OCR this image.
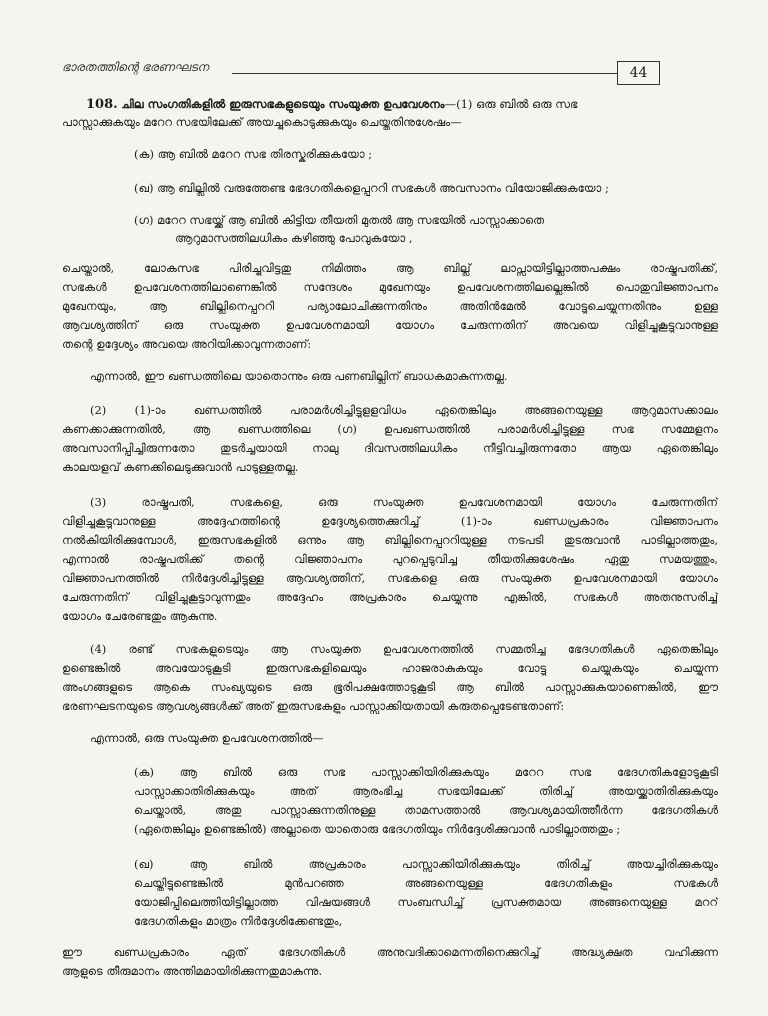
ഭാരതത്തിന്റെ ഭരണഘടന	44
108. ചില സംഗതികളിൽ ഇരുസഭകളുടെയും സംയുക്ത ഉപവേശനം—(1) ഒരു ബിൽ ഒരു സഭ
പാസ്സാക്കുകയും മറേറ സഭയിലേക്ക് അയച്ചുകൊടുക്കുകയും ചെയ്തതിനുശേഷം—
(ക) ആ ബിൽ മറേറ സഭ തിരസ്കരിക്കുകയോ ;
(ഖ) ആ ബില്ലിൽ വരുത്തേണ്ട ഭേദഗതികളെപ്പററി സഭകൾ അവസാനം വിയോജിക്കുകയോ ;
(ഗ) മറേറ സഭയ്ക്ക് ആ ബിൽ കിട്ടിയ തീയതി മുതൽ ആ സഭയിൽ പാസ്സാക്കാതെ
ആറുമാസത്തിലധികം കഴിഞ്ഞു പോവുകയോ ,
ചെയ്താൽ, ലോകസഭ പിരിച്ചുവിട്ടതു നിമിത്തം ആ ബില്ല് ലാപ്സായിട്ടില്ലാത്തപക്ഷം രാഷ്ട്രപതിക്ക്,
സഭകൾ ഉപവേശനത്തിലാണെങ്കിൽ സന്ദേശം മുഖേനയും ഉപവേശനത്തിലല്ലെങ്കിൽ പൊതുവിജ്ഞാപനം
മുഖേനയും, ആ ബില്ലിനെപ്പററി പര്യാലോചിക്കുന്നതിനും അതിൻമേൽ വോട്ടുചെയ്യുന്നതിനും ഉള്ള
ആവശ്യത്തിന് ഒരു സംയുക്ത ഉപവേശനമായി യോഗം ചേരുന്നതിന് അവയെ വിളിച്ചുകൂട്ടുവാനുള്ള
തന്റെ ഉദ്ദേശ്യം അവയെ അറിയിക്കാവുന്നതാണ്:
എന്നാൽ, ഈ ഖണ്ഡത്തിലെ യാതൊന്നും ഒരു പണബില്ലിന് ബാധകമാകുന്നതല്ല.
(2) (1)-ാം ഖണ്ഡത്തിൽ പരാമർശിച്ചിട്ടുളളവിധം ഏതെങ്കിലും അങ്ങനെയുള്ള ആറുമാസക്കാലം
കണക്കാക്കുന്നതിൽ, ആ ഖണ്ഡത്തിലെ (ഗ) ഉപഖണ്ഡത്തിൽ പരാമർശിച്ചിട്ടുള്ള സഭ സമ്മേളനം
അവസാനിപ്പിച്ചിരുന്നതോ തുടർച്ചയായി നാലു ദിവസത്തിലധികം നീട്ടിവച്ചിരുന്നതോ ആയ ഏതെങ്കിലും
കാലയളവ് കണക്കിലെടുക്കുവാൻ പാടുള്ളതല്ല.
(3) രാഷ്ട്രപതി, സഭകളെ, ഒരു സംയുക്ത ഉപവേശനമായി യോഗം ചേരുന്നതിന്
വിളിച്ചുകൂട്ടുവാനുള്ള അദ്ദേഹത്തിന്റെ ഉദ്ദേശ്യത്തെക്കുറിച്ച് (1)-ാം ഖണ്ഡപ്രകാരം വിജ്ഞാപനം
നൽകിയിരിക്കുമ്പോൾ, ഇരുസഭകളിൽ ഒന്നും ആ ബില്ലിനെപ്പററിയുള്ള നടപടി തുടരുവാൻ പാടില്ലാത്തതും,
എന്നാൽ രാഷ്ട്രപതിക്ക് തന്റെ വിജ്ഞാപനം പുറപ്പെടുവിച്ച തീയതിക്കുശേഷം ഏതു സമയത്തും,
വിജ്ഞാപനത്തിൽ നിർദ്ദേശിച്ചിട്ടുള്ള ആവശ്യത്തിന്, സഭകളെ ഒരു സംയുക്ത ഉപവേശനമായി യോഗം
ചേരുന്നതിന് വിളിച്ചുകൂട്ടാവുന്നതും അദ്ദേഹം അപ്രകാരം ചെയ്യുന്നു എങ്കിൽ, സഭകൾ അതനുസരിച്ച്
യോഗം ചേരേണ്ടതും ആകുന്നു.
(4) രണ്ട് സഭകളുടെയും ആ സംയുക്ത ഉപവേശനത്തിൽ സമ്മതിച്ച ഭേദഗതികൾ ഏതെങ്കിലും
ഉണ്ടെങ്കിൽ അവയോടുകൂടി ഇരുസഭകളിലെയും ഹാജരാകുകയും വോട്ടു ചെയ്യുകയും ചെയ്യുന്ന
അംഗങ്ങളുടെ ആകെ സംഖ്യയുടെ ഒരു ഭൂരിപക്ഷത്തോടുകൂടി ആ ബിൽ പാസ്സാക്കുകയാണെങ്കിൽ, ഈ
ഭരണഘടനയുടെ ആവശ്യങ്ങൾക്ക് അത് ഇരുസഭകളും പാസ്സാക്കിയതായി കരുതപ്പെടേണ്ടതാണ്:
എന്നാൽ, ഒരു സംയുക്ത ഉപവേശനത്തിൽ—
(ക) ആ ബിൽ ഒരു സഭ പാസ്സാക്കിയിരിക്കുകയും മറേറ സഭ ഭേദഗതികളോടുകൂടി
പാസ്സാക്കാതിരിക്കുകയും അത് ആരംഭിച്ച സഭയിലേക്ക് തിരിച്ച് അയയ്ക്കാതിരിക്കുകയും
ചെയ്താൽ, അതു പാസ്സാക്കുന്നതിനുള്ള താമസത്താൽ ആവശ്യമായിത്തീർന്ന ഭേദഗതികൾ
(ഏതെങ്കിലും ഉണ്ടെങ്കിൽ) അല്ലാതെ യാതൊരു ഭേദഗതിയും നിർദ്ദേശിക്കുവാൻ പാടില്ലാത്തതും ;
(ഖ) ആ ബിൽ അപ്രകാരം പാസ്സാക്കിയിരിക്കുകയും തിരിച്ച് അയച്ചിരിക്കുകയും
ചെയ്തിട്ടുണ്ടെങ്കിൽ മുൻപറഞ്ഞ അങ്ങനെയുള്ള ഭേദഗതികളും സഭകൾ
യോജിപ്പിലെത്തിയിട്ടില്ലാത്ത വിഷയങ്ങൾ സംബന്ധിച്ച് പ്രസക്തമായ അങ്ങനെയുള്ള മററ്
ഭേദഗതികളും മാത്രം നിർദ്ദേശിക്കേണ്ടതും,
ഈ ഖണ്ഡപ്രകാരം ഏത് ഭേദഗതികൾ അനുവദിക്കാമെന്നതിനെക്കുറിച്ച് അദ്ധ്യക്ഷത വഹിക്കുന്ന
ആളുടെ തീരുമാനം അന്തിമമായിരിക്കുന്നതുമാകുന്നു.
